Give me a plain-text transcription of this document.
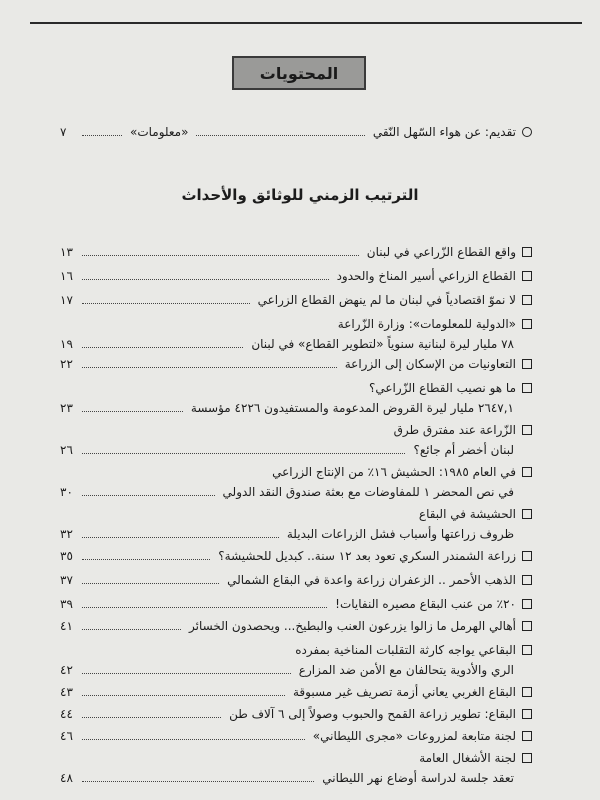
المحتويات
تقديم: عن هواء السّهل النّقي
«معلومات»
٧
الترتيب الزمني للوثائق والأحداث
واقع القطاع الزّراعي في لبنان
١٣
القطاع الزراعي أسير المناخ والحدود
١٦
لا نموّ اقتصادياً في لبنان ما لم ينهض القطاع الزراعي
١٧
«الدولية للمعلومات»: وزارة الزّراعة
٧٨ مليار ليرة لبنانية سنوياً «لتطوير القطاع» في لبنان
١٩
التعاونيات من الإسكان إلى الزراعة
٢٢
ما هو نصيب القطاع الزّراعي؟
٢٦٤٧,١ مليار ليرة القروض المدعومة والمستفيدون ٤٢٢٦ مؤسسة
٢٣
الزّراعة عند مفترق طرق
لبنان أخضر أم جائع؟
٢٦
في العام ١٩٨٥: الحشيش ١٦٪ من الإنتاج الزراعي
في نص المحضر ١ للمفاوضات مع بعثة صندوق النقد الدولي
٣٠
الحشيشة في البقاع
ظروف زراعتها وأسباب فشل الزراعات البديلة
٣٢
زراعة الشمندر السكري تعود بعد ١٢ سنة.. كبديل للحشيشة؟
٣٥
الذهب الأحمر .. الزعفران زراعة واعدة في البقاع الشمالي
٣٧
٢٠٪ من عنب البقاع مصيره النفايات!
٣٩
أهالي الهرمل ما زالوا يزرعون العنب والبطيخ... ويحصدون الخسائر
٤١
البقاعي يواجه كارثة التقلبات المناخية بمفرده
الري والأدوية يتحالفان مع الأمن ضد المزارع
٤٢
البقاع الغربي يعاني أزمة تصريف غير مسبوقة
٤٣
البقاع: تطوير زراعة القمح والحبوب وصولاً إلى ٦ آلاف طن
٤٤
لجنة متابعة لمزروعات «مجرى الليطاني»
٤٦
لجنة الأشغال العامة
تعقد جلسة لدراسة أوضاع نهر الليطاني
٤٨
